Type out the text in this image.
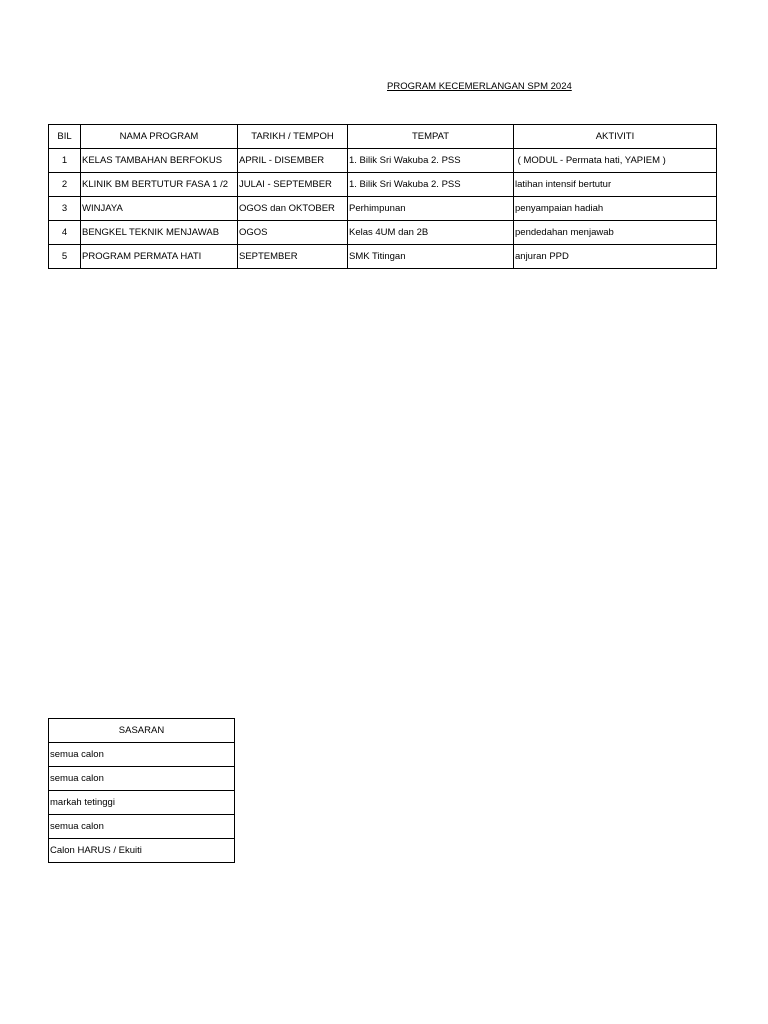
PROGRAM KECEMERLANGAN SPM 2024
BIL	NAMA PROGRAM	TARIKH / TEMPOH	TEMPAT	AKTIVITI
1	KELAS TAMBAHAN BERFOKUS	APRIL - DISEMBER	1. Bilik Sri Wakuba 2. PSS	( MODUL - Permata hati, YAPIEM )
2	KLINIK BM BERTUTUR FASA 1 /2	JULAI - SEPTEMBER	1. Bilik Sri Wakuba 2. PSS	latihan intensif bertutur
3	WINJAYA	OGOS dan OKTOBER	Perhimpunan	penyampaian hadiah
4	BENGKEL TEKNIK MENJAWAB	OGOS	Kelas 4UM dan 2B	pendedahan menjawab
5	PROGRAM PERMATA HATI	SEPTEMBER	SMK Titingan	anjuran PPD
SASARAN
semua calon
semua calon
markah tetinggi
semua calon
Calon HARUS / Ekuiti
